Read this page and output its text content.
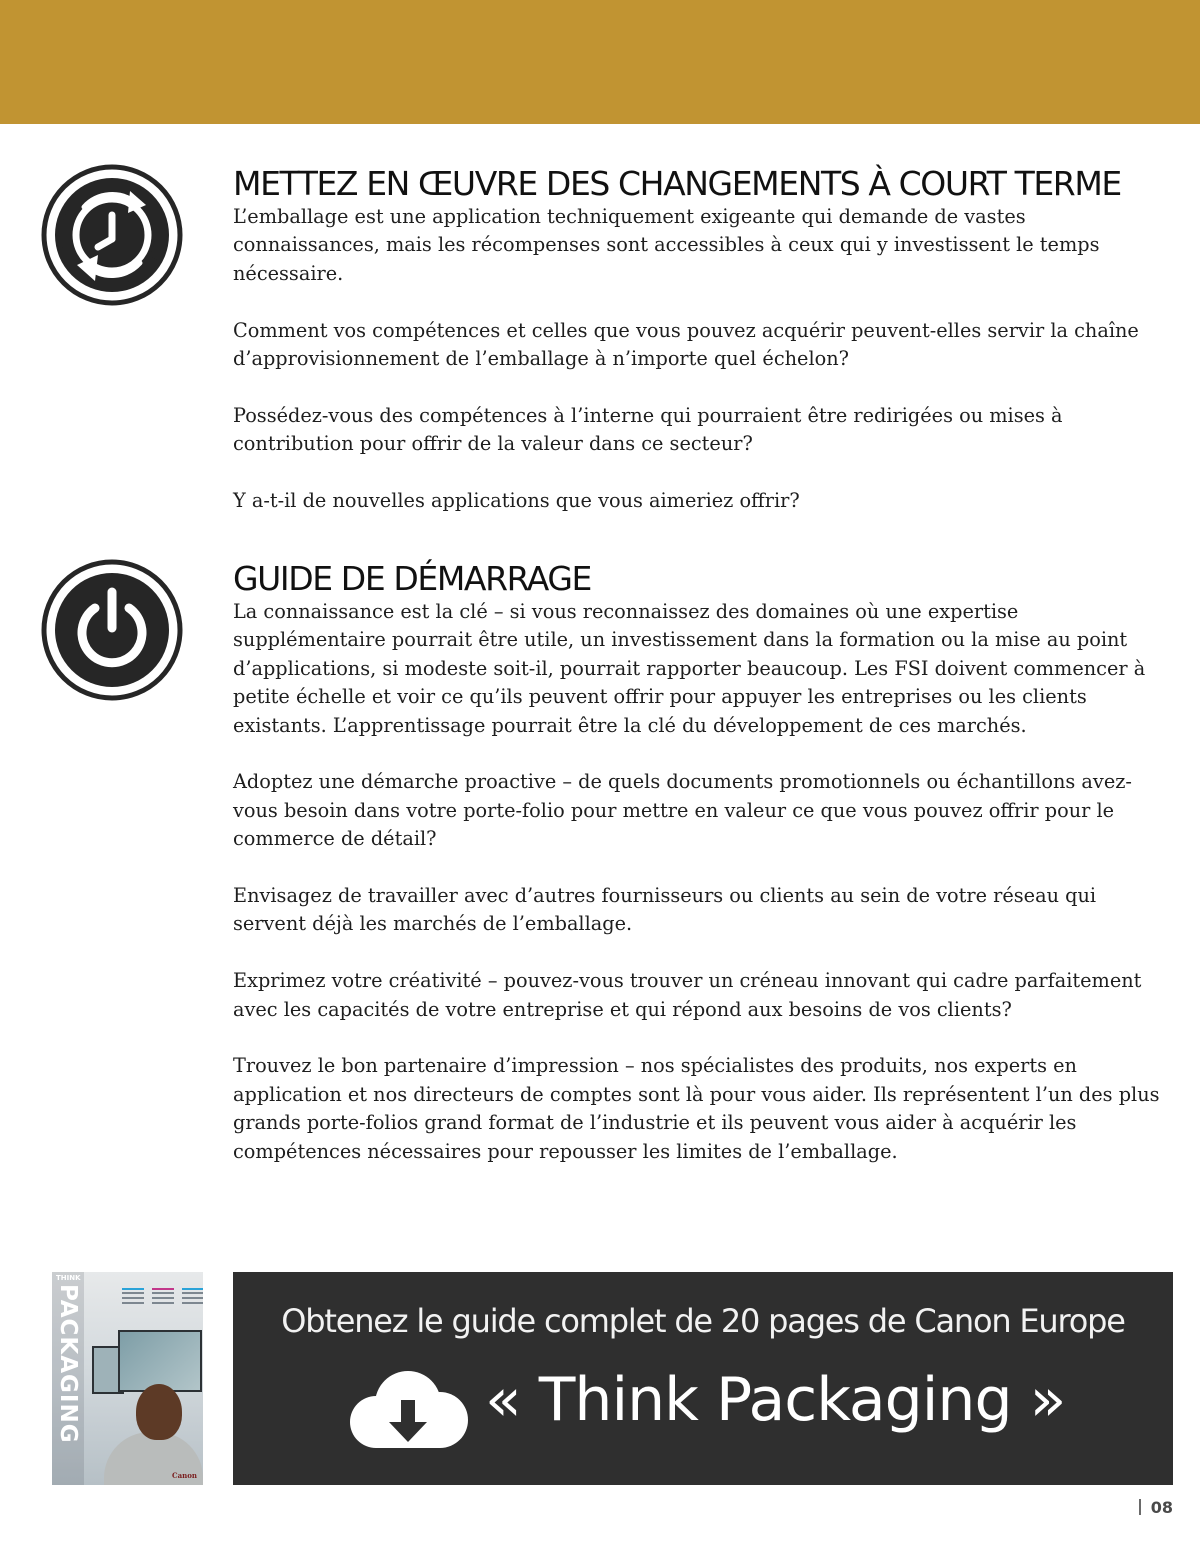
METTEZ EN ŒUVRE DES CHANGEMENTS À COURT TERME

L’emballage est une application techniquement exigeante qui demande de vastes connaissances, mais les récompenses sont accessibles à ceux qui y investissent le temps nécessaire.

Comment vos compétences et celles que vous pouvez acquérir peuvent-elles servir la chaîne d’approvisionnement de l’emballage à n’importe quel échelon?

Possédez-vous des compétences à l’interne qui pourraient être redirigées ou mises à contribution pour offrir de la valeur dans ce secteur?

Y a-t-il de nouvelles applications que vous aimeriez offrir?

GUIDE DE DÉMARRAGE

La connaissance est la clé – si vous reconnaissez des domaines où une expertise supplémentaire pourrait être utile, un investissement dans la formation ou la mise au point d’applications, si modeste soit-il, pourrait rapporter beaucoup. Les FSI doivent commencer à petite échelle et voir ce qu’ils peuvent offrir pour appuyer les entreprises ou les clients existants. L’apprentissage pourrait être la clé du développement de ces marchés.

Adoptez une démarche proactive – de quels documents promotionnels ou échantillons avez-vous besoin dans votre porte-folio pour mettre en valeur ce que vous pouvez offrir pour le commerce de détail?

Envisagez de travailler avec d’autres fournisseurs ou clients au sein de votre réseau qui servent déjà les marchés de l’emballage.

Exprimez votre créativité – pouvez-vous trouver un créneau innovant qui cadre parfaitement avec les capacités de votre entreprise et qui répond aux besoins de vos clients?

Trouvez le bon partenaire d’impression – nos spécialistes des produits, nos experts en application et nos directeurs de comptes sont là pour vous aider. Ils représentent l’un des plus grands porte-folios grand format de l’industrie et ils peuvent vous aider à acquérir les compétences nécessaires pour repousser les limites de l’emballage.

THINK
PACKAGING
Canon
Obtenez le guide complet de 20 pages de Canon Europe
« Think Packaging »
08
